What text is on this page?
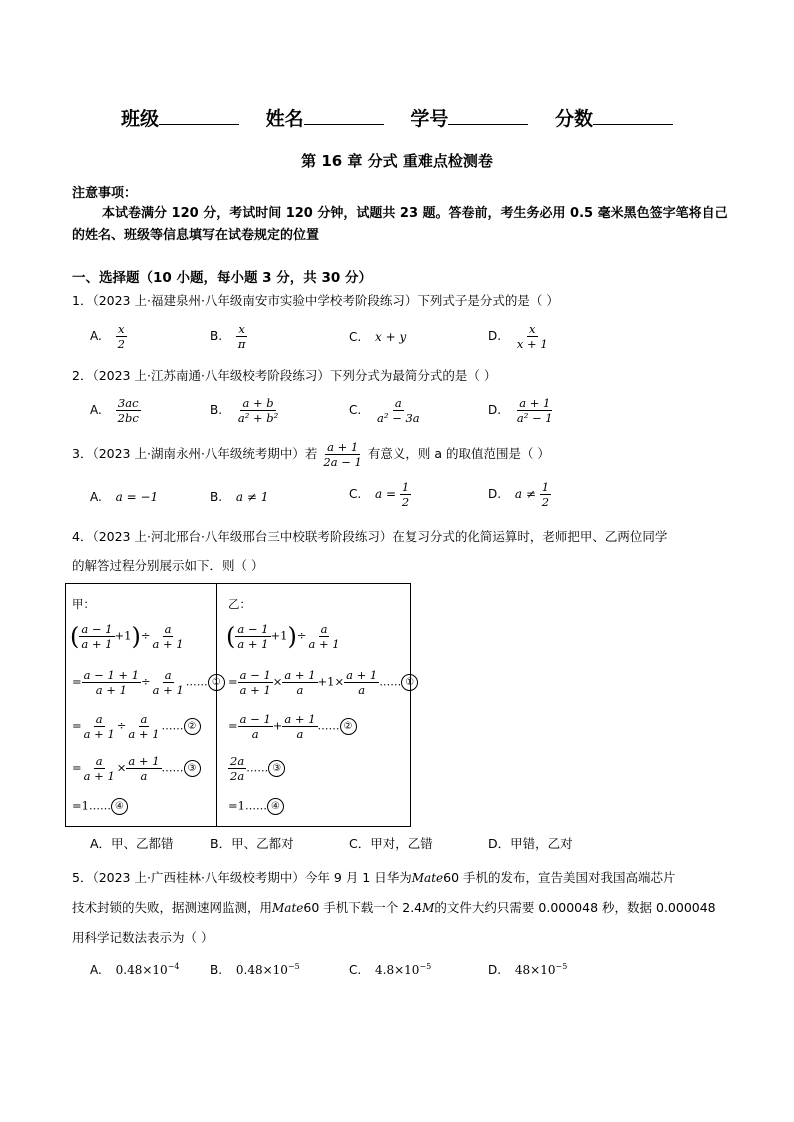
班级	姓名	学号	分数
第 16 章 分式 重难点检测卷
注意事项：
本试卷满分 120 分，考试时间 120 分钟，试题共 23 题。答卷前，考生务必用 0.5 毫米黑色签字笔将自己的姓名、班级等信息填写在试卷规定的位置
一、选择题（10 小题，每小题 3 分，共 30 分）
1．（2023 上·福建泉州·八年级南安市实验中学校考阶段练习）下列式子是分式的是（ ）
A. $\frac{x}{2}$	B. $\frac{x}{\pi}$	C. x + y	D. $\frac{x}{x + 1}$
2．（2023 上·江苏南通·八年级校考阶段练习）下列分式为最简分式的是（ ）
A. $\frac{3ac}{2bc}$	B. $\frac{a + b}{\text{a² + b²}}$	C. $\frac{a}{\text{a² − 3a}}$	D. $\frac{a + 1}{\text{a² − 1}}$
3．（2023 上·湖南永州·八年级统考期中）若 $\frac{a + 1}{2a - 1}$ 有意义，则 a 的取值范围是（ ）
A. a = −1	B. a ≠ 1	C. $a = \frac{1}{2}$	D. $a \ne \frac{1}{2}$
4．（2023 上·河北邢台·八年级邢台三中校联考阶段练习）在复习分式的化简运算时，老师把甲、乙两位同学
的解答过程分别展示如下．则（ ）
甲：
( $\frac{a - 1}{a + 1} +1)\div \frac{a}{a + 1}$
= $\frac{a - 1 + 1}{a + 1} \div \frac{a}{a + 1}$ …… ①
= $\frac{a}{a + 1} \div \frac{a}{a + 1}$ …… ②
= $\frac{a}{a + 1} \times \frac{a + 1}{a}$ …… ③
=1…… ④
乙：
( $\frac{a - 1}{a + 1} +1)\div \frac{a}{a + 1}$
= $\frac{a - 1}{a + 1} \times \frac{a + 1}{a} +1\times \frac{a + 1}{a}$ …… ①
= $\frac{a - 1}{a} + \frac{a + 1}{a}$ …… ②
$\frac{2a}{2a}$ …… ③
=1…… ④
A．甲、乙都错	B．甲、乙都对	C．甲对，乙错	D．甲错，乙对
5．（2023 上·广西桂林·八年级校考期中）今年 9 月 1 日华为Mate60 手机的发布，宣告美国对我国高端芯片
技术封锁的失败，据测速网监测，用Mate60 手机下载一个 2.4M的文件大约只需要 0.000048 秒，数据 0.000048
用科学记数法表示为（ ）
A. $0.48\times 10^{-4}$	B. $0.48\times 10^{-5}$	C. $4.8\times 10^{-5}$	D. $48\times 10^{-5}$
